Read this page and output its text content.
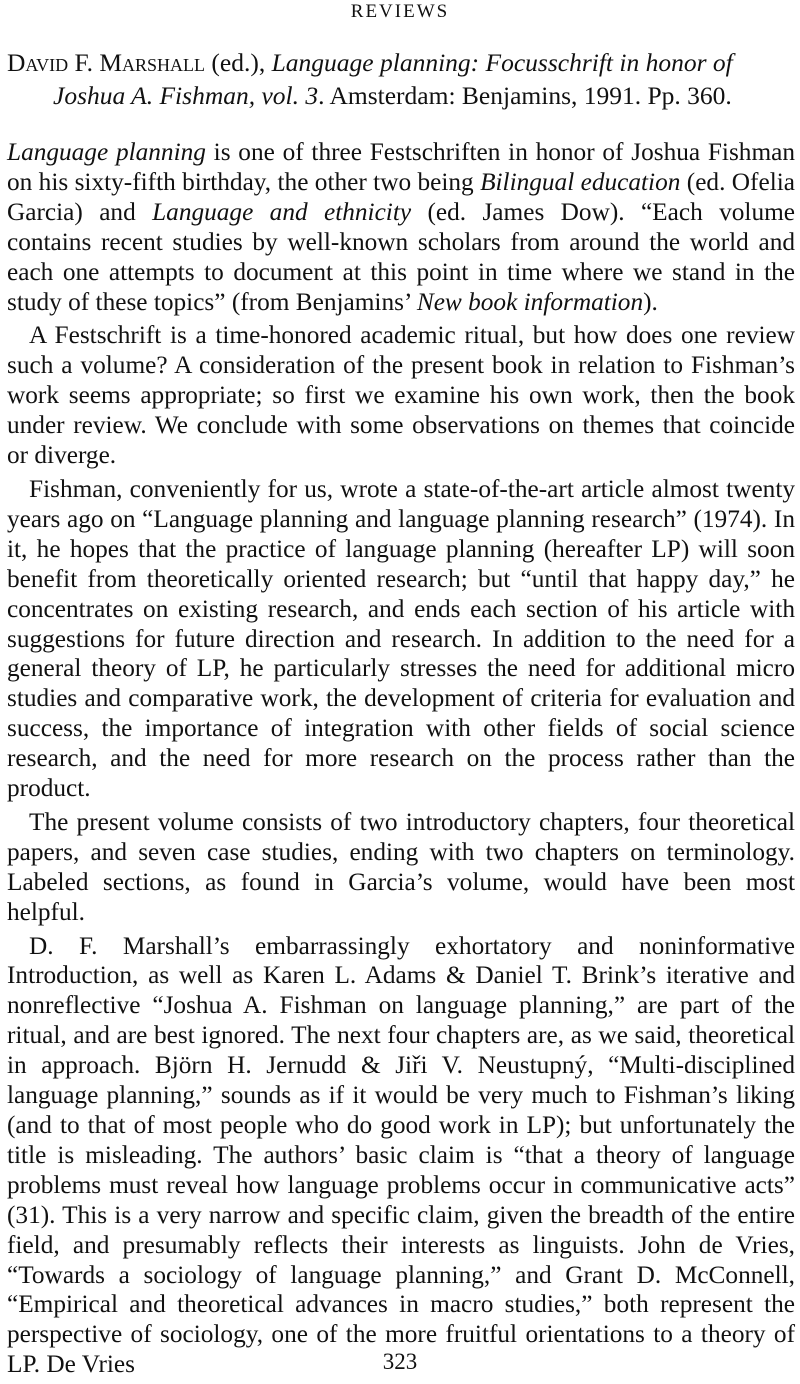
REVIEWS
David F. Marshall (ed.), Language planning: Focusschrift in honor of Joshua A. Fishman, vol. 3. Amsterdam: Benjamins, 1991. Pp. 360.

Language planning is one of three Festschriften in honor of Joshua Fishman on his sixty-fifth birthday, the other two being Bilingual education (ed. Ofelia Garcia) and Language and ethnicity (ed. James Dow). “Each volume contains recent studies by well-known scholars from around the world and each one attempts to document at this point in time where we stand in the study of these topics” (from Benjamins’ New book information).

A Festschrift is a time-honored academic ritual, but how does one review such a volume? A consideration of the present book in relation to Fishman’s work seems appropriate; so first we examine his own work, then the book under review. We conclude with some observations on themes that coincide or diverge.

Fishman, conveniently for us, wrote a state-of-the-art article almost twenty years ago on “Language planning and language planning research” (1974). In it, he hopes that the practice of language planning (hereafter LP) will soon benefit from theoretically oriented research; but “until that happy day,” he concentrates on existing research, and ends each section of his article with suggestions for future direction and research. In addition to the need for a general theory of LP, he particularly stresses the need for additional micro studies and comparative work, the development of criteria for evaluation and success, the importance of integration with other fields of social science research, and the need for more research on the process rather than the product.

The present volume consists of two introductory chapters, four theoretical papers, and seven case studies, ending with two chapters on terminology. Labeled sections, as found in Garcia’s volume, would have been most helpful.

D. F. Marshall’s embarrassingly exhortatory and noninformative Introduction, as well as Karen L. Adams & Daniel T. Brink’s iterative and nonreflective “Joshua A. Fishman on language planning,” are part of the ritual, and are best ignored. The next four chapters are, as we said, theoretical in approach. Björn H. Jernudd & Jiři V. Neustupný, “Multi-disciplined language planning,” sounds as if it would be very much to Fishman’s liking (and to that of most people who do good work in LP); but unfortunately the title is misleading. The authors’ basic claim is “that a theory of language problems must reveal how language problems occur in communicative acts” (31). This is a very narrow and specific claim, given the breadth of the entire field, and presumably reflects their interests as linguists. John de Vries, “Towards a sociology of language planning,” and Grant D. McConnell, “Empirical and theoretical advances in macro studies,” both represent the perspective of sociology, one of the more fruitful orientations to a theory of LP. De Vries	323
